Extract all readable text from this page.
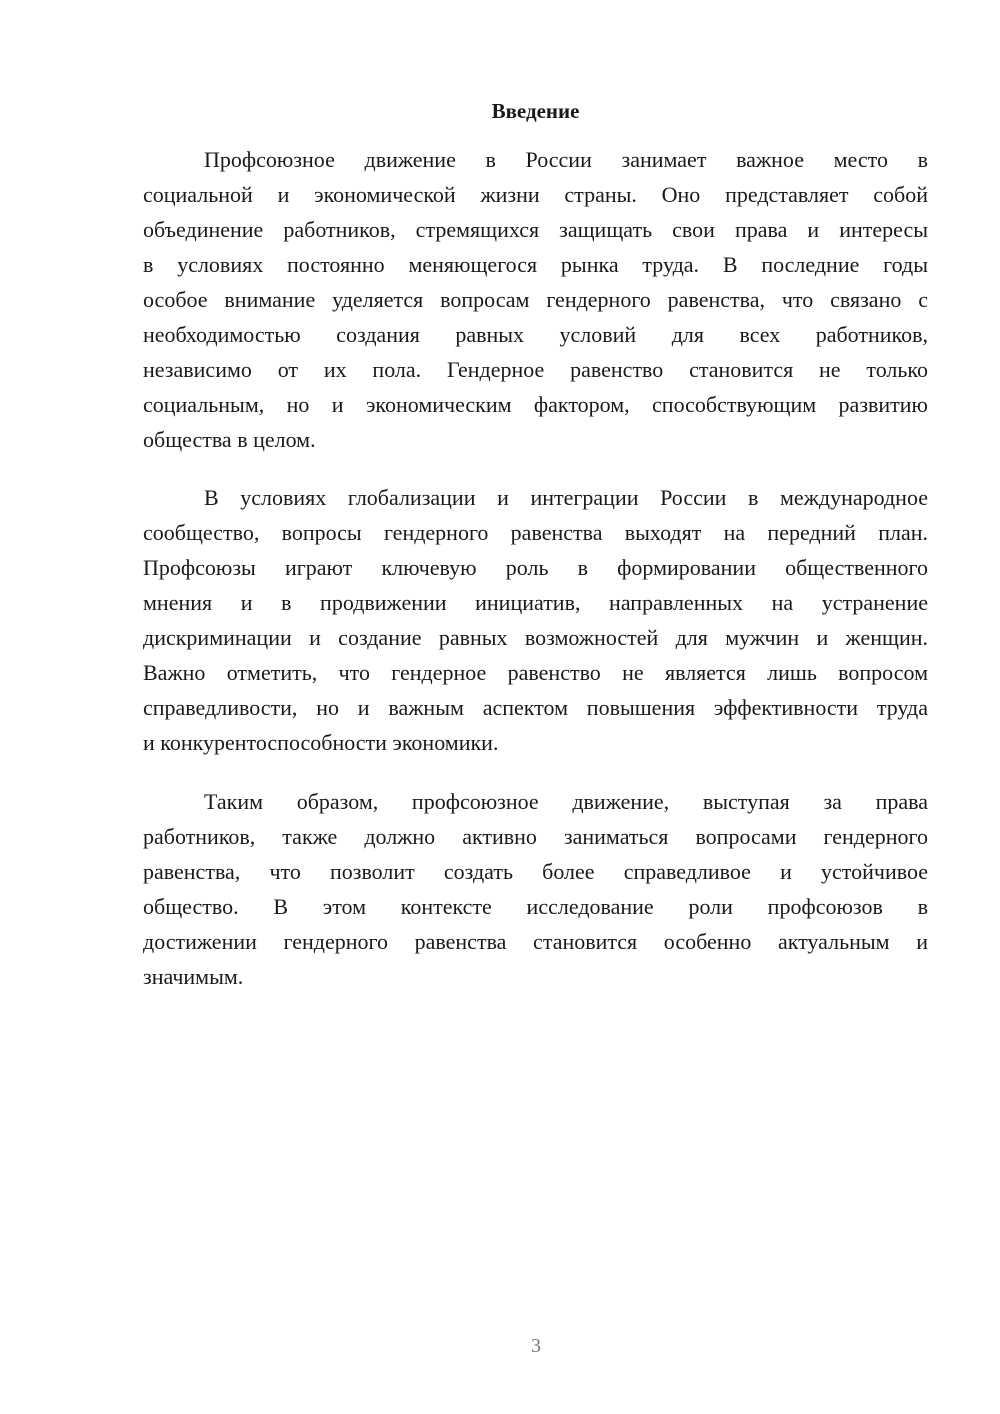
Введение
Профсоюзное движение в России занимает важное место в
социальной и экономической жизни страны. Оно представляет собой
объединение работников, стремящихся защищать свои права и интересы
в условиях постоянно меняющегося рынка труда. В последние годы
особое внимание уделяется вопросам гендерного равенства, что связано с
необходимостью создания равных условий для всех работников,
независимо от их пола. Гендерное равенство становится не только
социальным, но и экономическим фактором, способствующим развитию
общества в целом.
В условиях глобализации и интеграции России в международное
сообщество, вопросы гендерного равенства выходят на передний план.
Профсоюзы играют ключевую роль в формировании общественного
мнения и в продвижении инициатив, направленных на устранение
дискриминации и создание равных возможностей для мужчин и женщин.
Важно отметить, что гендерное равенство не является лишь вопросом
справедливости, но и важным аспектом повышения эффективности труда
и конкурентоспособности экономики.
Таким образом, профсоюзное движение, выступая за права
работников, также должно активно заниматься вопросами гендерного
равенства, что позволит создать более справедливое и устойчивое
общество. В этом контексте исследование роли профсоюзов в
достижении гендерного равенства становится особенно актуальным и
значимым.
3
